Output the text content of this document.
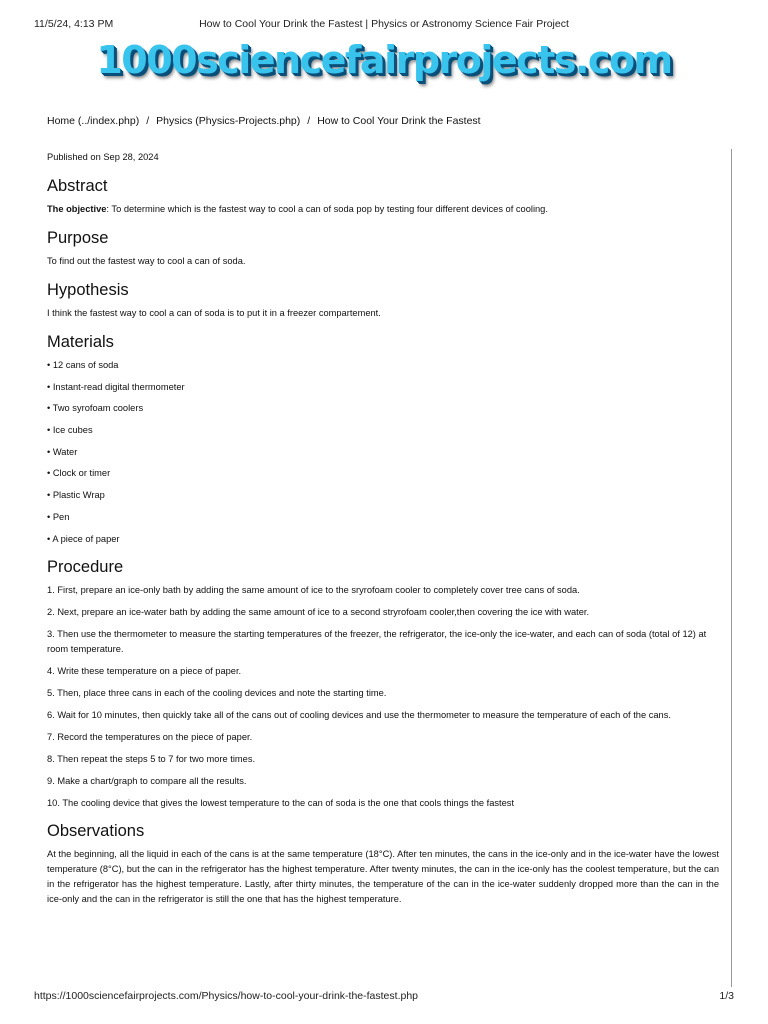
11/5/24, 4:13 PM	How to Cool Your Drink the Fastest | Physics or Astronomy Science Fair Project
1000sciencefairprojects.com
Home (../index.php) / Physics (Physics-Projects.php) / How to Cool Your Drink the Fastest

Published on Sep 28, 2024

Abstract

The objective: To determine which is the fastest way to cool a can of soda pop by testing four different devices of cooling.

Purpose

To find out the fastest way to cool a can of soda.

Hypothesis

I think the fastest way to cool a can of soda is to put it in a freezer compartement.

Materials
• 12 cans of soda
• Instant-read digital thermometer
• Two syrofoam coolers
• Ice cubes
• Water
• Clock or timer
• Plastic Wrap
• Pen
• A piece of paper
Procedure
1. First, prepare an ice-only bath by adding the same amount of ice to the sryrofoam cooler to completely cover tree cans of soda.
2. Next, prepare an ice-water bath by adding the same amount of ice to a second stryrofoam cooler,then covering the ice with water.
3. Then use the thermometer to measure the starting temperatures of the freezer, the refrigerator, the ice-only the ice-water, and each can of soda (total of 12) at room temperature.
4. Write these temperature on a piece of paper.
5. Then, place three cans in each of the cooling devices and note the starting time.
6. Wait for 10 minutes, then quickly take all of the cans out of cooling devices and use the thermometer to measure the temperature of each of the cans.
7. Record the temperatures on the piece of paper.
8. Then repeat the steps 5 to 7 for two more times.
9. Make a chart/graph to compare all the results.
10. The cooling device that gives the lowest temperature to the can of soda is the one that cools things the fastest
Observations

At the beginning, all the liquid in each of the cans is at the same temperature (18°C). After ten minutes, the cans in the ice-only and in the ice-water have the lowest temperature (8°C), but the can in the refrigerator has the highest temperature. After twenty minutes, the can in the ice-only has the coolest temperature, but the can in the refrigerator has the highest temperature. Lastly, after thirty minutes, the temperature of the can in the ice-water suddenly dropped more than the can in the ice-only and the can in the refrigerator is still the one that has the highest temperature.

https://1000sciencefairprojects.com/Physics/how-to-cool-your-drink-the-fastest.php	1/3
